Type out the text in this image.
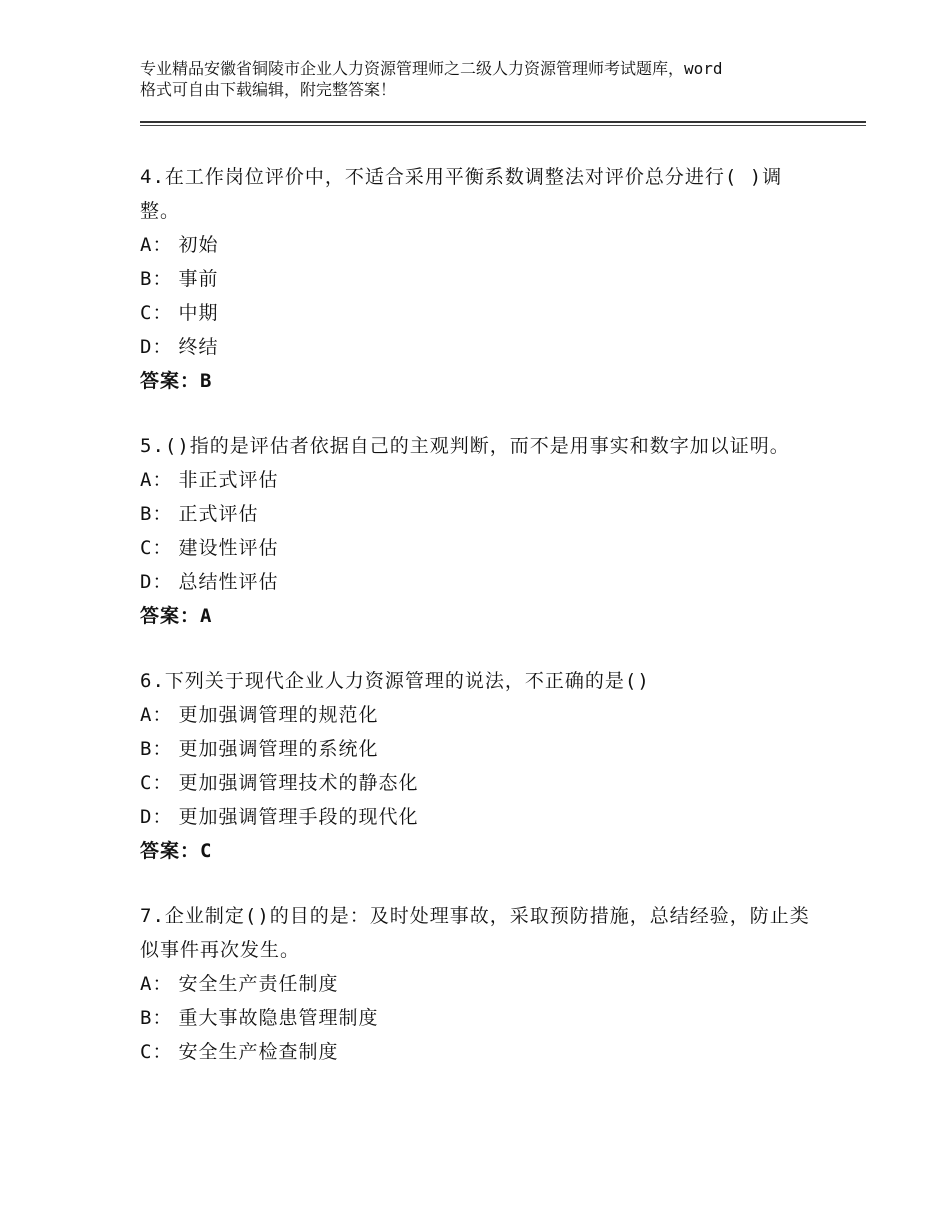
专业精品安徽省铜陵市企业人力资源管理师之二级人力资源管理师考试题库，word
格式可自由下载编辑，附完整答案！
4.在工作岗位评价中，不适合采用平衡系数调整法对评价总分进行( )调整。
A： 初始
B： 事前
C： 中期
D： 终结
答案：B
5.()指的是评估者依据自己的主观判断，而不是用事实和数字加以证明。
A： 非正式评估
B： 正式评估
C： 建设性评估
D： 总结性评估
答案：A
6.下列关于现代企业人力资源管理的说法，不正确的是()
A： 更加强调管理的规范化
B： 更加强调管理的系统化
C： 更加强调管理技术的静态化
D： 更加强调管理手段的现代化
答案：C
7.企业制定()的目的是：及时处理事故，采取预防措施，总结经验，防止类似事件再次发生。
A： 安全生产责任制度
B： 重大事故隐患管理制度
C： 安全生产检查制度
